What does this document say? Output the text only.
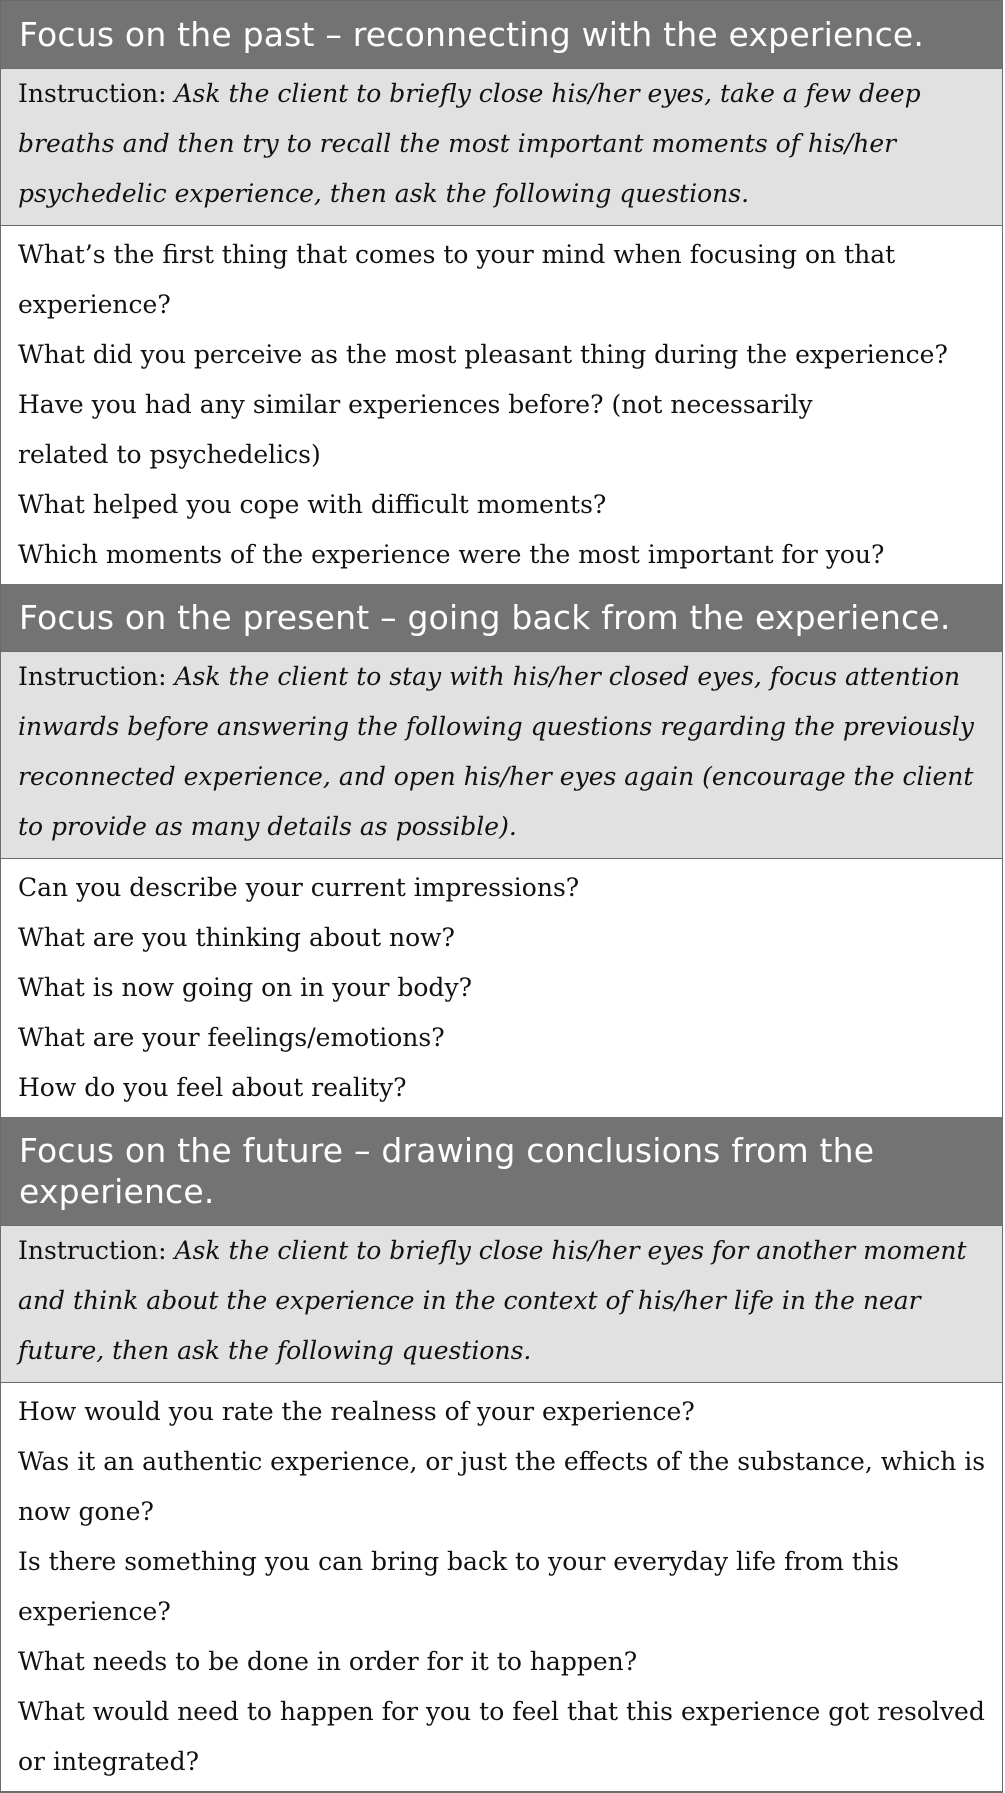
Focus on the past – reconnecting with the experience.
Instruction: Ask the client to briefly close his/her eyes, take a few deep breaths and then try to recall the most important moments of his/her psychedelic experience, then ask the following questions.
What’s the first thing that comes to your mind when focusing on that experience?
What did you perceive as the most pleasant thing during the experience?
Have you had any similar experiences before? (not necessarily related to psychedelics)
What helped you cope with difficult moments?
Which moments of the experience were the most important for you?
Focus on the present – going back from the experience.
Instruction: Ask the client to stay with his/her closed eyes, focus attention inwards before answering the following questions regarding the previously reconnected experience, and open his/her eyes again (encourage the client to provide as many details as possible).
Can you describe your current impressions?
What are you thinking about now?
What is now going on in your body?
What are your feelings/emotions?
How do you feel about reality?
Focus on the future – drawing conclusions from the experience.
Instruction: Ask the client to briefly close his/her eyes for another moment and think about the experience in the context of his/her life in the near future, then ask the following questions.
How would you rate the realness of your experience?
Was it an authentic experience, or just the effects of the substance, which is now gone?
Is there something you can bring back to your everyday life from this experience?
What needs to be done in order for it to happen?
What would need to happen for you to feel that this experience got resolved or integrated?
